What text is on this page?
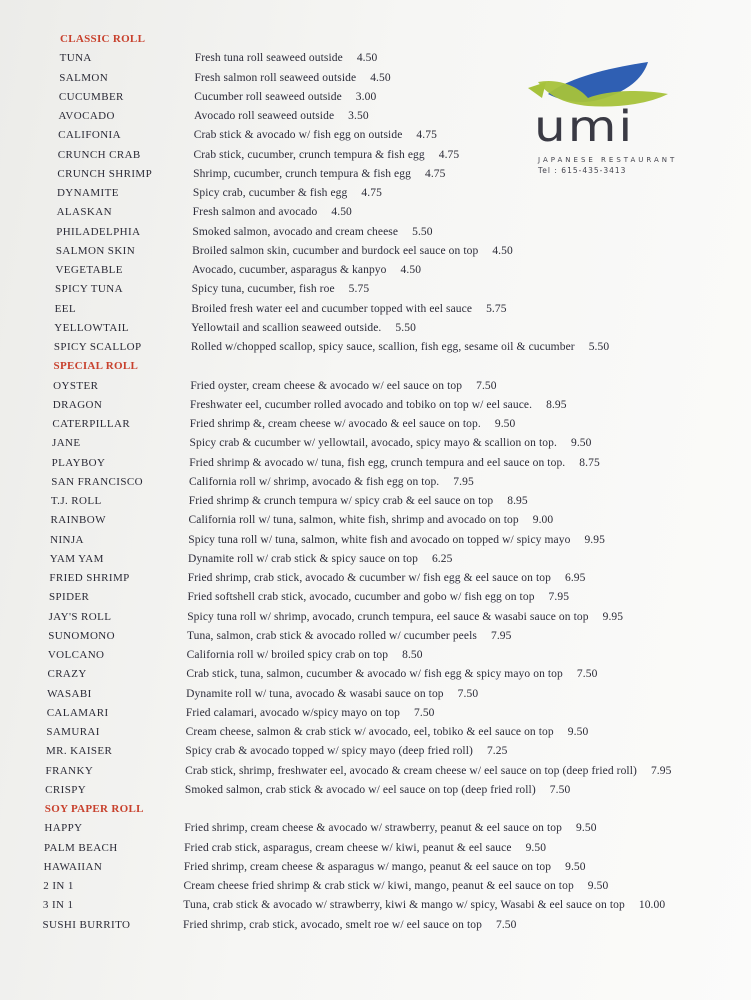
CLASSIC ROLL
TUNA	Fresh tuna roll seaweed outside 4.50
SALMON	Fresh salmon roll seaweed outside 4.50
CUCUMBER	Cucumber roll seaweed outside 3.00
AVOCADO	Avocado roll seaweed outside 3.50
CALIFONIA	Crab stick & avocado w/ fish egg on outside 4.75
CRUNCH CRAB	Crab stick, cucumber, crunch tempura & fish egg 4.75
CRUNCH SHRIMP	Shrimp, cucumber, crunch tempura & fish egg 4.75
DYNAMITE	Spicy crab, cucumber & fish egg 4.75
ALASKAN	Fresh salmon and avocado 4.50
PHILADELPHIA	Smoked salmon, avocado and cream cheese 5.50
SALMON SKIN	Broiled salmon skin, cucumber and burdock eel sauce on top 4.50
VEGETABLE	Avocado, cucumber, asparagus & kanpyo 4.50
SPICY TUNA	Spicy tuna, cucumber, fish roe 5.75
EEL	Broiled fresh water eel and cucumber topped with eel sauce 5.75
YELLOWTAIL	Yellowtail and scallion seaweed outside. 5.50
SPICY SCALLOP	Rolled w/chopped scallop, spicy sauce, scallion, fish egg, sesame oil & cucumber 5.50
SPECIAL ROLL
OYSTER	Fried oyster, cream cheese & avocado w/ eel sauce on top 7.50
DRAGON	Freshwater eel, cucumber rolled avocado and tobiko on top w/ eel sauce. 8.95
CATERPILLAR	Fried shrimp &, cream cheese w/ avocado & eel sauce on top. 9.50
JANE	Spicy crab & cucumber w/ yellowtail, avocado, spicy mayo & scallion on top. 9.50
PLAYBOY	Fried shrimp & avocado w/ tuna, fish egg, crunch tempura and eel sauce on top. 8.75
SAN FRANCISCO	California roll w/ shrimp, avocado & fish egg on top. 7.95
T.J. ROLL	Fried shrimp & crunch tempura w/ spicy crab & eel sauce on top 8.95
RAINBOW	California roll w/ tuna, salmon, white fish, shrimp and avocado on top 9.00
NINJA	Spicy tuna roll w/ tuna, salmon, white fish and avocado on topped w/ spicy mayo 9.95
YAM YAM	Dynamite roll w/ crab stick & spicy sauce on top 6.25
FRIED SHRIMP	Fried shrimp, crab stick, avocado & cucumber w/ fish egg & eel sauce on top 6.95
SPIDER	Fried softshell crab stick, avocado, cucumber and gobo w/ fish egg on top 7.95
JAY'S ROLL	Spicy tuna roll w/ shrimp, avocado, crunch tempura, eel sauce & wasabi sauce on top 9.95
SUNOMONO	Tuna, salmon, crab stick & avocado rolled w/ cucumber peels 7.95
VOLCANO	California roll w/ broiled spicy crab on top 8.50
CRAZY	Crab stick, tuna, salmon, cucumber & avocado w/ fish egg & spicy mayo on top 7.50
WASABI	Dynamite roll w/ tuna, avocado & wasabi sauce on top 7.50
CALAMARI	Fried calamari, avocado w/spicy mayo on top 7.50
SAMURAI	Cream cheese, salmon & crab stick w/ avocado, eel, tobiko & eel sauce on top 9.50
MR. KAISER	Spicy crab & avocado topped w/ spicy mayo (deep fried roll) 7.25
FRANKY	Crab stick, shrimp, freshwater eel, avocado & cream cheese w/ eel sauce on top (deep fried roll) 7.95
CRISPY	Smoked salmon, crab stick & avocado w/ eel sauce on top (deep fried roll) 7.50
SOY PAPER ROLL
HAPPY	Fried shrimp, cream cheese & avocado w/ strawberry, peanut & eel sauce on top 9.50
PALM BEACH	Fried crab stick, asparagus, cream cheese w/ kiwi, peanut & eel sauce 9.50
HAWAIIAN	Fried shrimp, cream cheese & asparagus w/ mango, peanut & eel sauce on top 9.50
2 IN 1	Cream cheese fried shrimp & crab stick w/ kiwi, mango, peanut & eel sauce on top 9.50
3 IN 1	Tuna, crab stick & avocado w/ strawberry, kiwi & mango w/ spicy, Wasabi & eel sauce on top 10.00
SUSHI BURRITO	Fried shrimp, crab stick, avocado, smelt roe w/ eel sauce on top 7.50
umi
JAPANESE RESTAURANT
Tel : 615-435-3413
